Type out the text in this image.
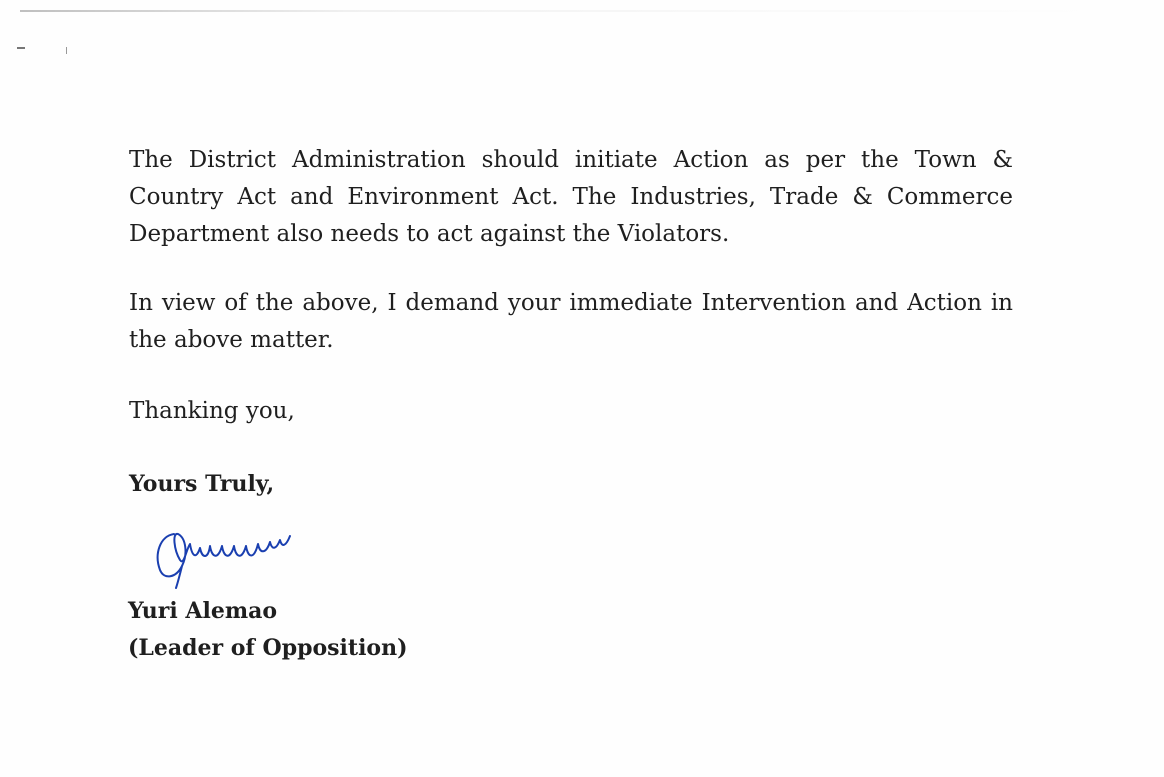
The District Administration should initiate Action as per the Town & Country Act and Environment Act. The Industries, Trade & Commerce Department also needs to act against the Violators.

In view of the above, I demand your immediate Intervention and Action in the above matter.

Thanking you,

Yours Truly,

Yuri Alemao

(Leader of Opposition)
